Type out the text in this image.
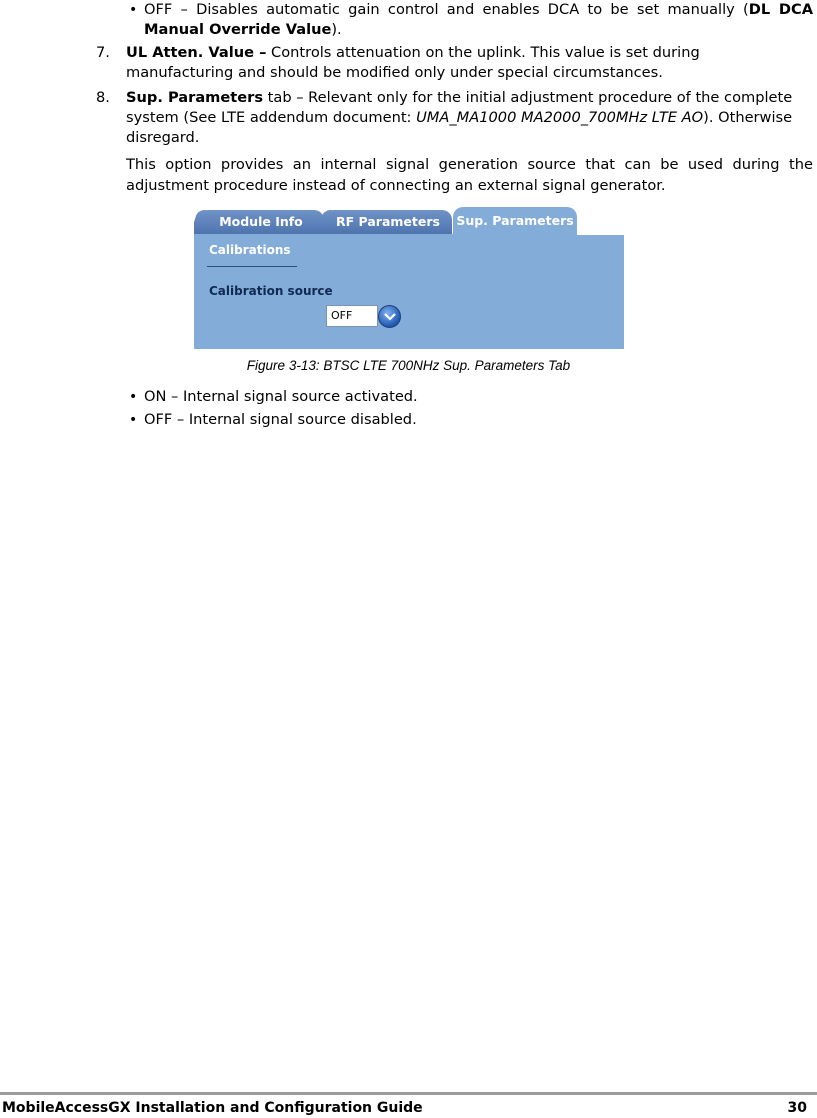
• OFF – Disables automatic gain control and enables DCA to be set manually (DL DCA
Manual Override Value).
7. UL Atten. Value – Controls attenuation on the uplink. This value is set during
manufacturing and should be modified only under special circumstances.
8. Sup. Parameters tab – Relevant only for the initial adjustment procedure of the complete
system (See LTE addendum document: UMA_MA1000 MA2000_700MHz LTE AO). Otherwise
disregard.
This option provides an internal signal generation source that can be used during the
adjustment procedure instead of connecting an external signal generator.
Module Info	RF Parameters	Sup. Parameters
Calibrations
Calibration source
OFF
Figure 3-13: BTSC LTE 700NHz Sup. Parameters Tab
• ON – Internal signal source activated.
• OFF – Internal signal source disabled.
MobileAccessGX Installation and Configuration Guide	30
